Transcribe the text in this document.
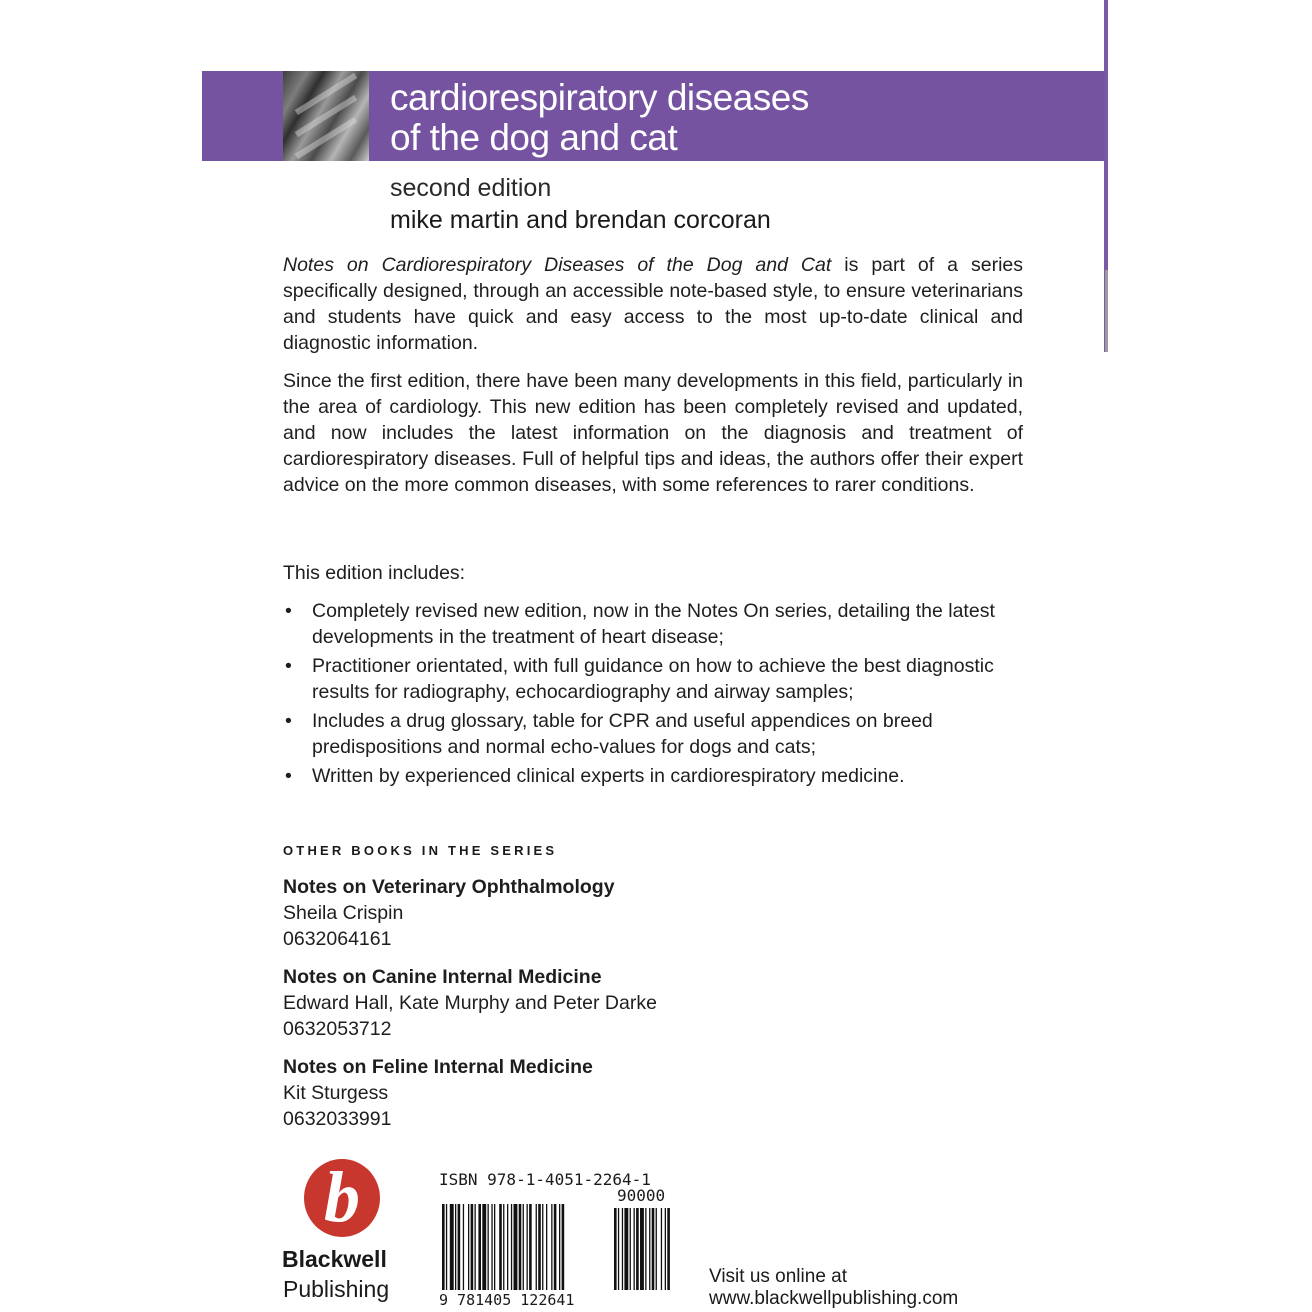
cardiorespiratory diseases
of the dog and cat
second edition
mike martin and brendan corcoran

Notes on Cardiorespiratory Diseases of the Dog and Cat is part of a series specifically designed, through an accessible note-based style, to ensure veterinarians and students have quick and easy access to the most up-to-date clinical and diagnostic information.

Since the first edition, there have been many developments in this field, particularly in the area of cardiology. This new edition has been completely revised and updated, and now includes the latest information on the diagnosis and treatment of cardiorespiratory diseases. Full of helpful tips and ideas, the authors offer their expert advice on the more common diseases, with some references to rarer conditions.

This edition includes:
• Completely revised new edition, now in the Notes On series, detailing the latest developments in the treatment of heart disease;
• Practitioner orientated, with full guidance on how to achieve the best diagnostic results for radiography, echocardiography and airway samples;
• Includes a drug glossary, table for CPR and useful appendices on breed predispositions and normal echo-values for dogs and cats;
• Written by experienced clinical experts in cardiorespiratory medicine.
OTHER BOOKS IN THE SERIES
Notes on Veterinary Ophthalmology
Sheila Crispin
0632064161
Notes on Canine Internal Medicine
Edward Hall, Kate Murphy and Peter Darke
0632053712
Notes on Feline Internal Medicine
Kit Sturgess
0632033991
b
Blackwell
Publishing
ISBN 978-1-4051-2264-1
90000
9 781405 122641
Visit us online at
www.blackwellpublishing.com
